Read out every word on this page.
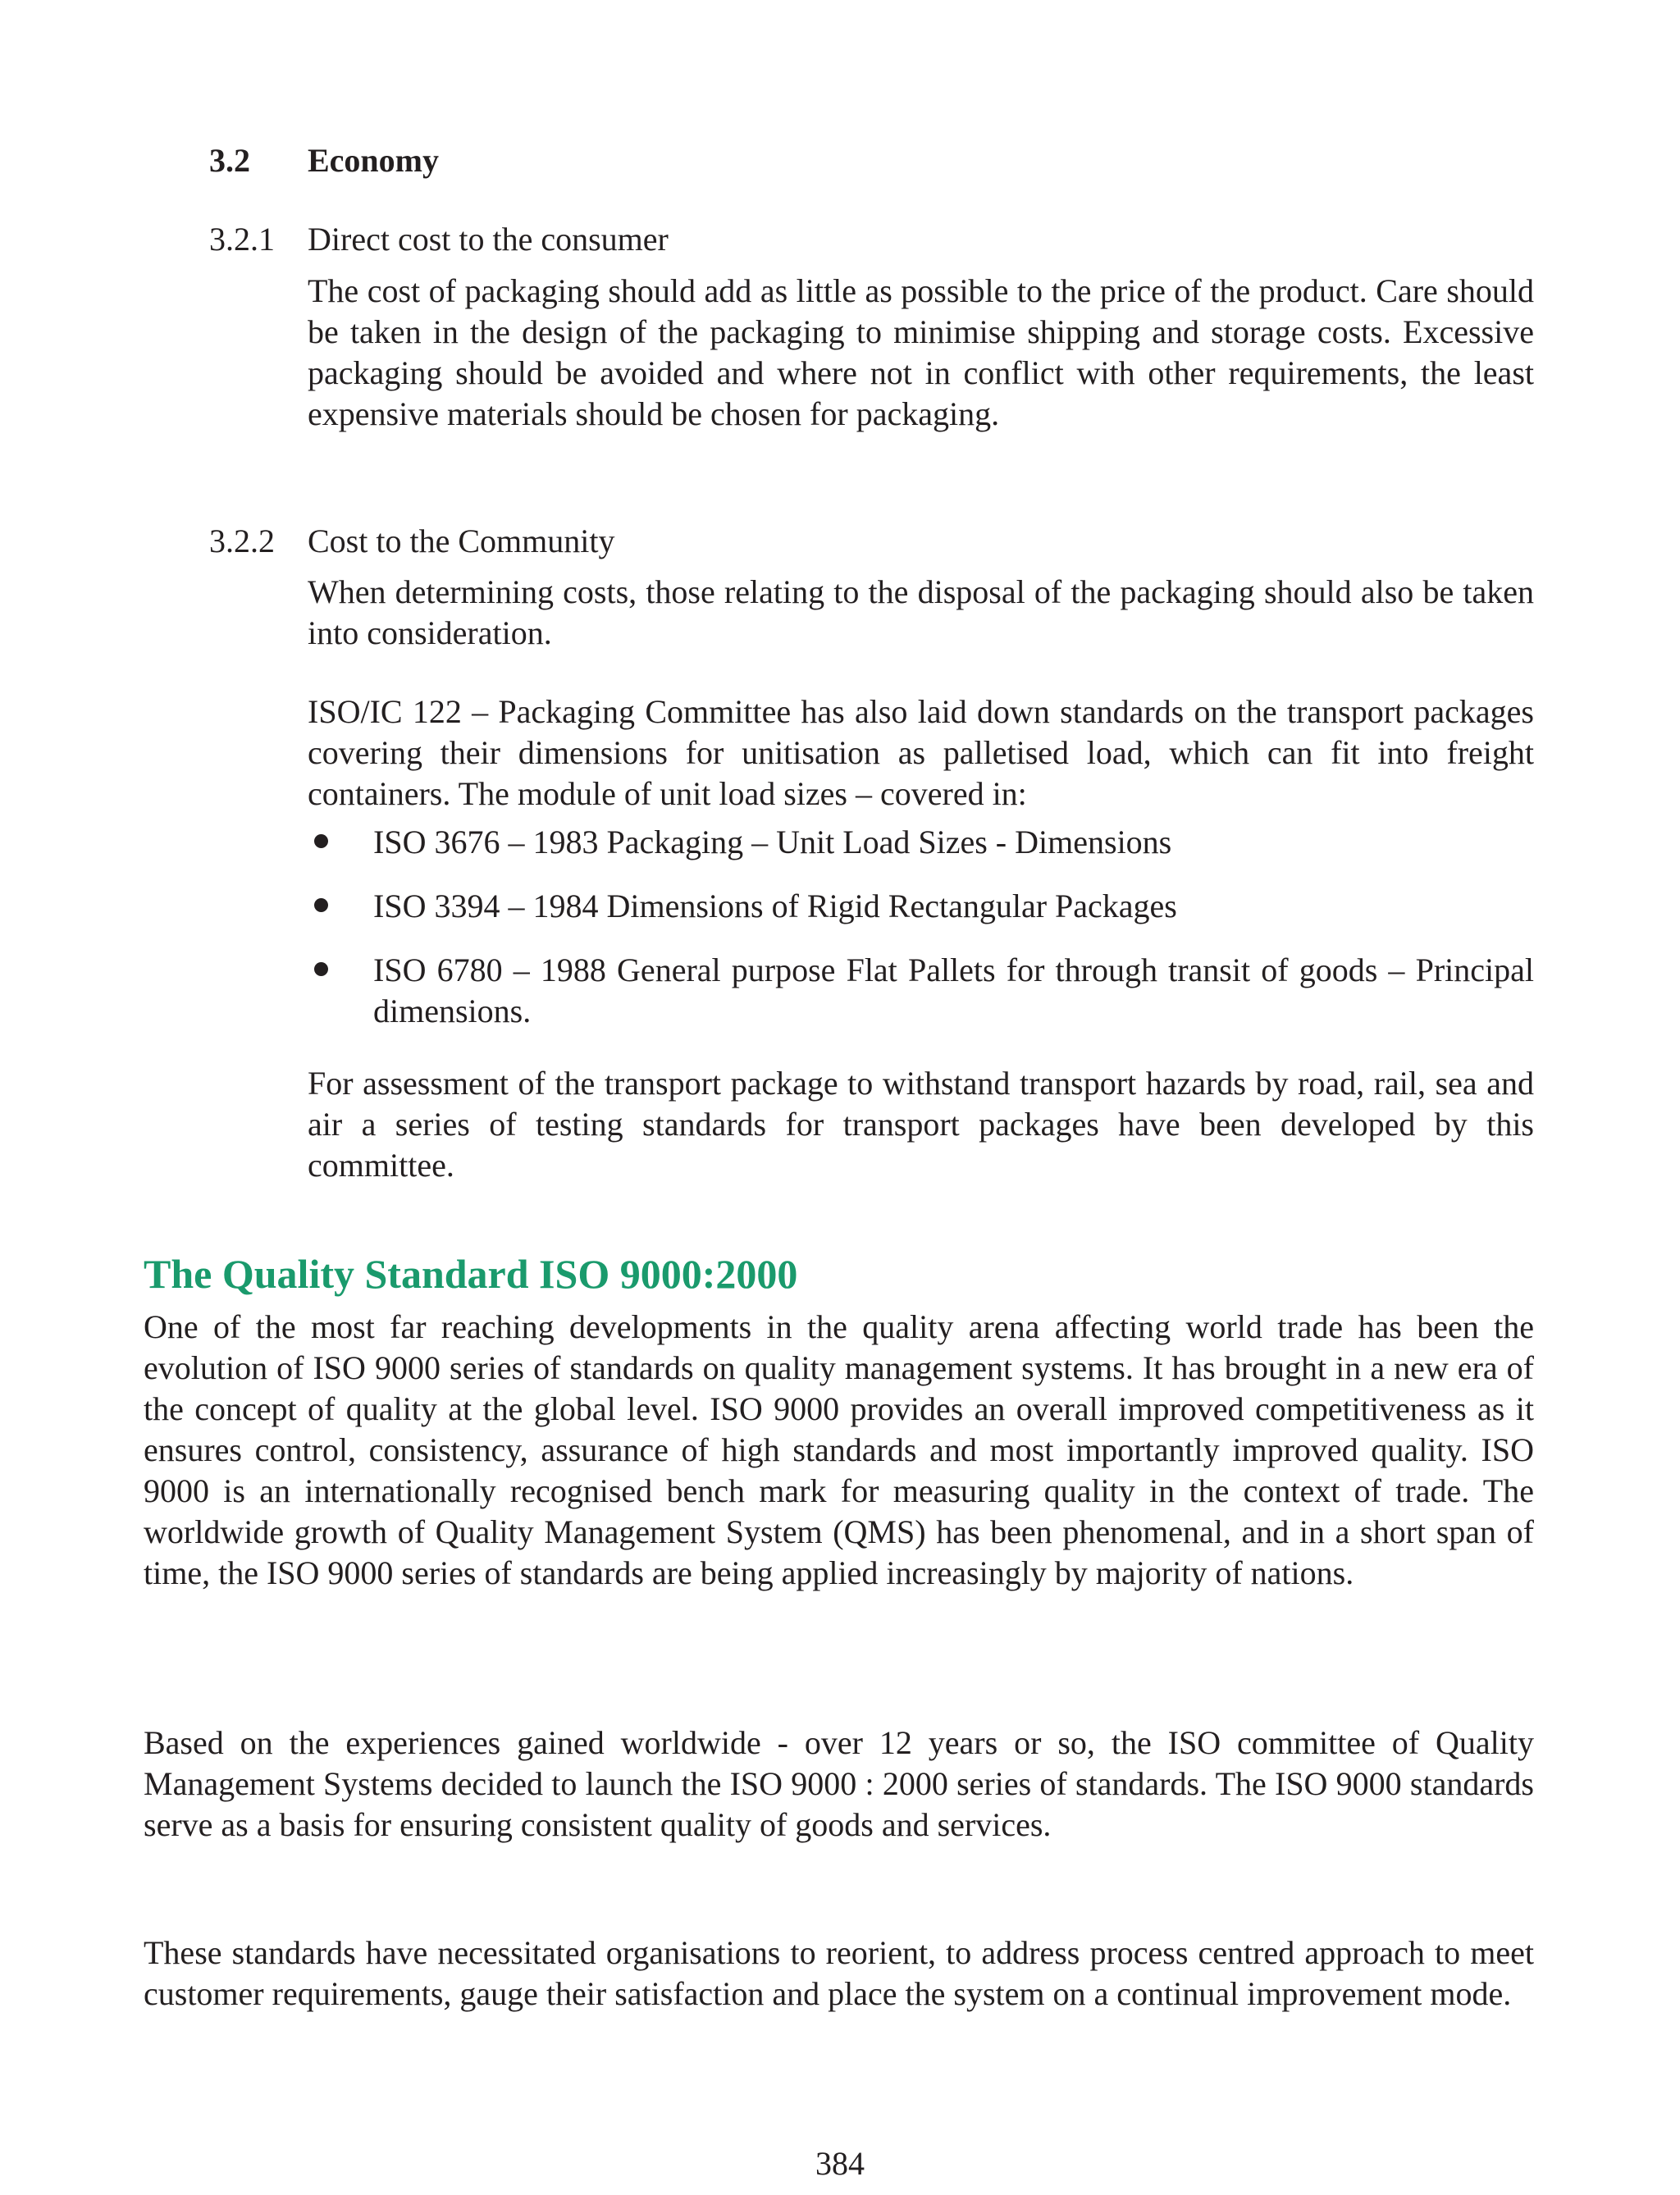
3.2 Economy
3.2.1 Direct cost to the consumer

The cost of packaging should add as little as possible to the price of the product. Care should be taken in the design of the packaging to minimise shipping and storage costs. Excessive packaging should be avoided and where not in conflict with other requirements, the least expensive materials should be chosen for packaging.

3.2.2 Cost to the Community

When determining costs, those relating to the disposal of the packaging should also be taken into consideration.

ISO/IC 122 – Packaging Committee has also laid down standards on the transport packages covering their dimensions for unitisation as palletised load, which can fit into freight containers. The module of unit load sizes – covered in:

ISO 3676 – 1983 Packaging – Unit Load Sizes - Dimensions
ISO 3394 – 1984 Dimensions of Rigid Rectangular Packages
ISO 6780 – 1988 General purpose Flat Pallets for through transit of goods – Principal dimensions.

For assessment of the transport package to withstand transport hazards by road, rail, sea and air a series of testing standards for transport packages have been developed by this committee.

The Quality Standard ISO 9000:2000

One of the most far reaching developments in the quality arena affecting world trade has been the evolution of ISO 9000 series of standards on quality management systems. It has brought in a new era of the concept of quality at the global level. ISO 9000 provides an overall improved competitiveness as it ensures control, consistency, assurance of high standards and most importantly improved quality. ISO 9000 is an internationally recognised bench mark for measuring quality in the context of trade. The worldwide growth of Quality Management System (QMS) has been phenomenal, and in a short span of time, the ISO 9000 series of standards are being applied increasingly by majority of nations.

Based on the experiences gained worldwide - over 12 years or so, the ISO committee of Quality Management Systems decided to launch the ISO 9000 : 2000 series of standards. The ISO 9000 standards serve as a basis for ensuring consistent quality of goods and services.

These standards have necessitated organisations to reorient, to address process centred approach to meet customer requirements, gauge their satisfaction and place the system on a continual improvement mode.

384
